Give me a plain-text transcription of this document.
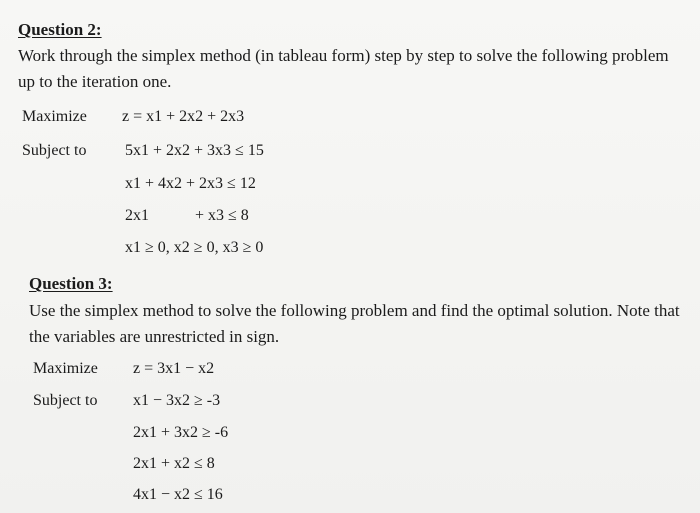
Question 2:
Work through the simplex method (in tableau form) step by step to solve the following problem
up to the iteration one.
Maximize z = x1 + 2x2 + 2x3
Subject to 5x1 + 2x2 + 3x3 ≤ 15
x1 + 4x2 + 2x3 ≤ 12
2x1	+ x3 ≤ 8
x1 ≥ 0, x2 ≥ 0, x3 ≥ 0
Question 3:
Use the simplex method to solve the following problem and find the optimal solution. Note that
the variables are unrestricted in sign.
Maximize z = 3x1 − x2
Subject to x1 − 3x2 ≥ -3
2x1 + 3x2 ≥ -6
2x1 + x2 ≤ 8
4x1 − x2 ≤ 16
